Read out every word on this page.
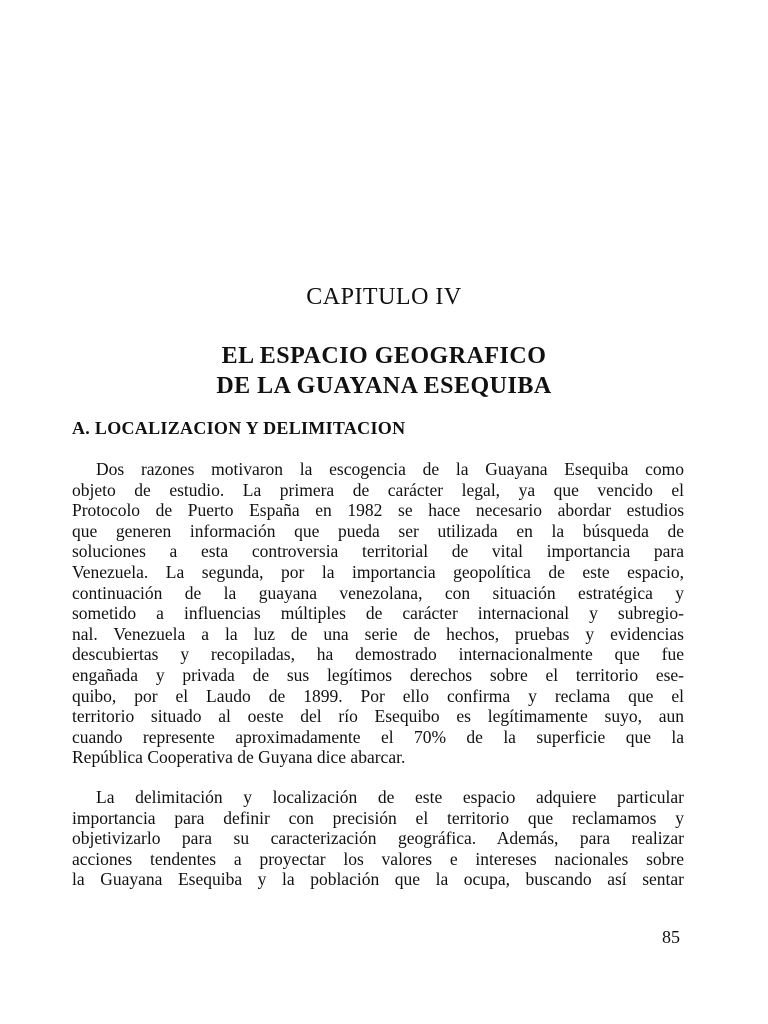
CAPITULO IV
EL ESPACIO GEOGRAFICO
DE LA GUAYANA ESEQUIBA
A. LOCALIZACION Y DELIMITACION
Dos razones motivaron la escogencia de la Guayana Esequiba como
objeto de estudio. La primera de carácter legal, ya que vencido el
Protocolo de Puerto España en 1982 se hace necesario abordar estudios
que generen información que pueda ser utilizada en la búsqueda de
soluciones a esta controversia territorial de vital importancia para
Venezuela. La segunda, por la importancia geopolítica de este espacio,
continuación de la guayana venezolana, con situación estratégica y
sometido a influencias múltiples de carácter internacional y subregio-
nal. Venezuela a la luz de una serie de hechos, pruebas y evidencias
descubiertas y recopiladas, ha demostrado internacionalmente que fue
engañada y privada de sus legítimos derechos sobre el territorio ese-
quibo, por el Laudo de 1899. Por ello confirma y reclama que el
territorio situado al oeste del río Esequibo es legítimamente suyo, aun
cuando represente aproximadamente el 70% de la superficie que la
República Cooperativa de Guyana dice abarcar.
La delimitación y localización de este espacio adquiere particular
importancia para definir con precisión el territorio que reclamamos y
objetivizarlo para su caracterización geográfica. Además, para realizar
acciones tendentes a proyectar los valores e intereses nacionales sobre
la Guayana Esequiba y la población que la ocupa, buscando así sentar
85
